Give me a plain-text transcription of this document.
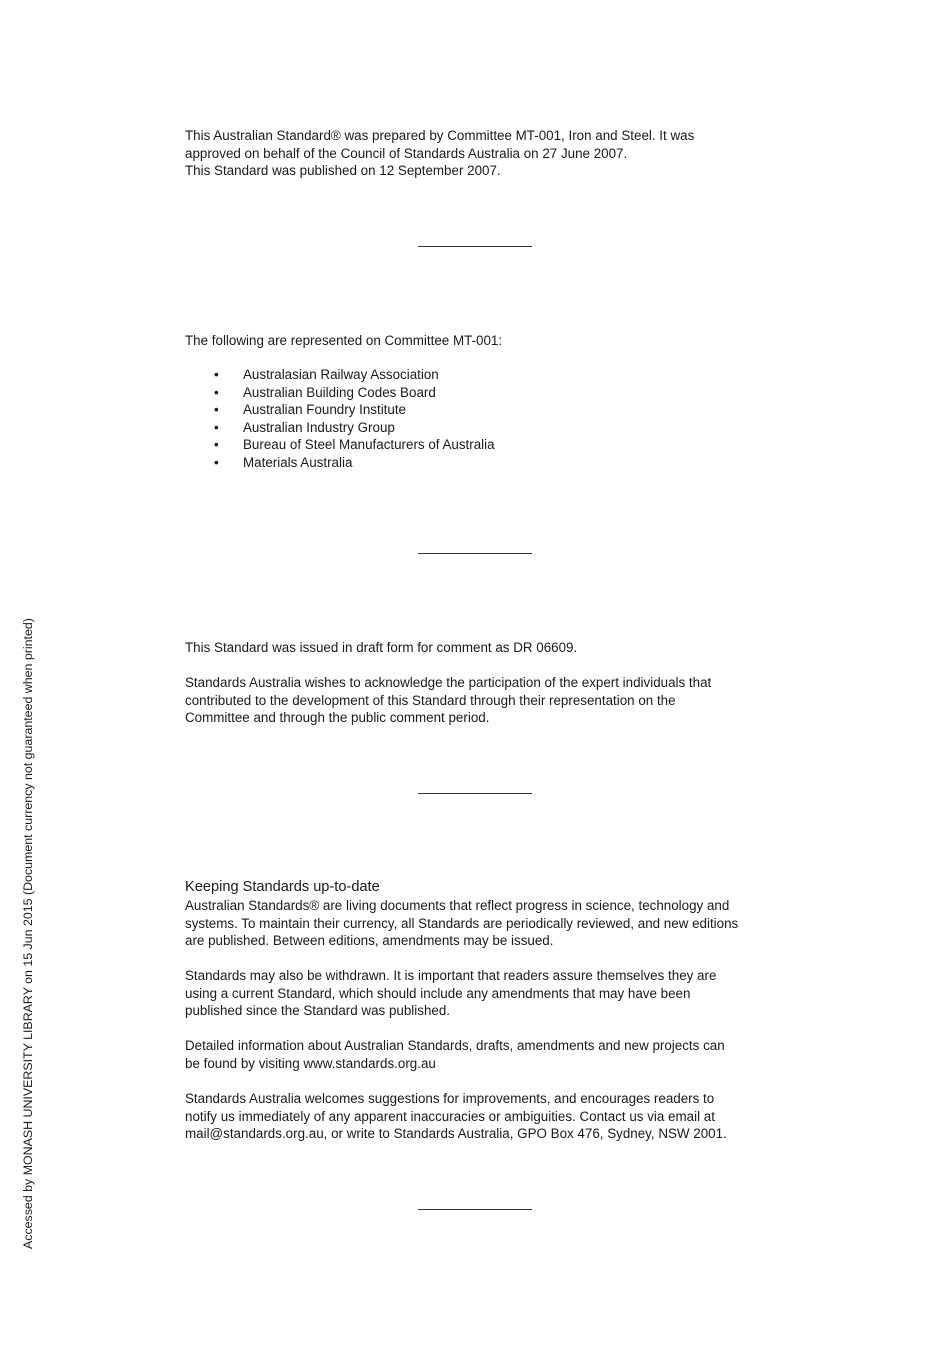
This Australian Standard® was prepared by Committee MT-001, Iron and Steel. It was

approved on behalf of the Council of Standards Australia on 27 June 2007.

This Standard was published on 12 September 2007.

The following are represented on Committee MT-001:

• Australasian Railway Association
• Australian Building Codes Board
• Australian Foundry Institute
• Australian Industry Group
• Bureau of Steel Manufacturers of Australia
• Materials Australia

This Standard was issued in draft form for comment as DR 06609.

Standards Australia wishes to acknowledge the participation of the expert individuals that

contributed to the development of this Standard through their representation on the

Committee and through the public comment period.

Keeping Standards up-to-date

Australian Standards® are living documents that reflect progress in science, technology and

systems. To maintain their currency, all Standards are periodically reviewed, and new editions

are published. Between editions, amendments may be issued.

Standards may also be withdrawn. It is important that readers assure themselves they are

using a current Standard, which should include any amendments that may have been

published since the Standard was published.

Detailed information about Australian Standards, drafts, amendments and new projects can

be found by visiting www.standards.org.au

Standards Australia welcomes suggestions for improvements, and encourages readers to

notify us immediately of any apparent inaccuracies or ambiguities. Contact us via email at

mail@standards.org.au, or write to Standards Australia, GPO Box 476, Sydney, NSW 2001.

Accessed by MONASH UNIVERSITY LIBRARY on 15 Jun 2015 (Document currency not guaranteed when printed)
